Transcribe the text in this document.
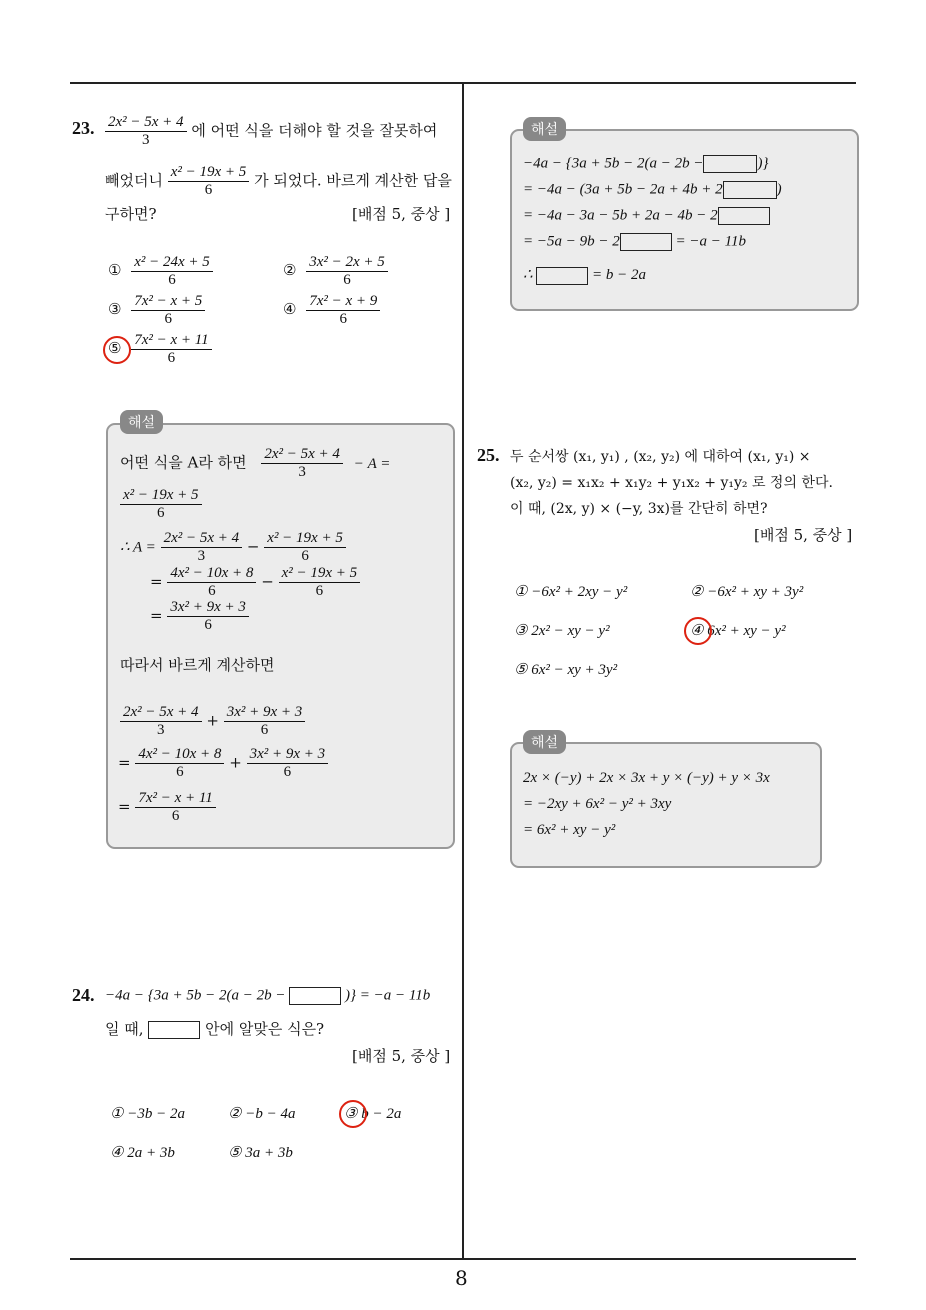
8
23. $\frac{\text{2x² − 5x + 4}}{3}$ 에 어떤 식을 더해야 할 것을 잘못하여
빼었더니 $\frac{\text{x² − 19x + 5}}{6}$ 가 되었다. 바르게 계산한 답을
구하면?	[배점 5, 중상 ]
① $\frac{\text{x² − 24x + 5}}{6}$	② $\frac{\text{3x² − 2x + 5}}{6}$
③ $\frac{\text{7x² − x + 5}}{6}$	④ $\frac{\text{7x² − x + 9}}{6}$
⑤ $\frac{\text{7x² − x + 11}}{6}$
해설
어떤 식을 A라 하면 $\frac{\text{2x² − 5x + 4}}{3} - A$ =
$\frac{\text{x² − 19x + 5}}{6}$
∴ $A = \frac{\text{2x² − 5x + 4}}{3} - \frac{\text{x² − 19x + 5}}{6}$
= $\frac{\text{4x² − 10x + 8}}{6} - \frac{\text{x² − 19x + 5}}{6}$
= $\frac{\text{3x² + 9x + 3}}{6}$
따라서 바르게 계산하면
$\frac{\text{2x² − 5x + 4}}{3} + \frac{\text{3x² + 9x + 3}}{6}$
= $\frac{\text{4x² − 10x + 8}}{6} + \frac{\text{3x² + 9x + 3}}{6}$
= $\frac{\text{7x² − x + 11}}{6}$
24. −4a − {3a + 5b − 2(a − 2b −	)} = −a − 11b
일 때,	안에 알맞은 식은?
[배점 5, 중상 ]
① −3b − 2a	② −b − 4a	③ b − 2a
④ 2a + 3b	⑤ 3a + 3b
해설
−4a − {3a + 5b − 2(a − 2b −	)}
= −4a − (3a + 5b − 2a + 4b + 2	)
= −4a − 3a − 5b + 2a − 4b − 2
= −5a − 9b − 2	= −a − 11b
∴	= b − 2a
25. 두 순서쌍 (x₁, y₁) , (x₂, y₂) 에 대하여 (x₁, y₁) ×
(x₂, y₂) = x₁x₂ + x₁y₂ + y₁x₂ + y₁y₂ 로 정의 한다.
이 때, (2x, y) × (−y, 3x)를 간단히 하면?
[배점 5, 중상 ]
① −6x² + 2xy − y²	② −6x² + xy + 3y²
③ 2x² − xy − y²	④ 6x² + xy − y²
⑤ 6x² − xy + 3y²
해설
2x × (−y) + 2x × 3x + y × (−y) + y × 3x
= −2xy + 6x² − y² + 3xy
= 6x² + xy − y²
